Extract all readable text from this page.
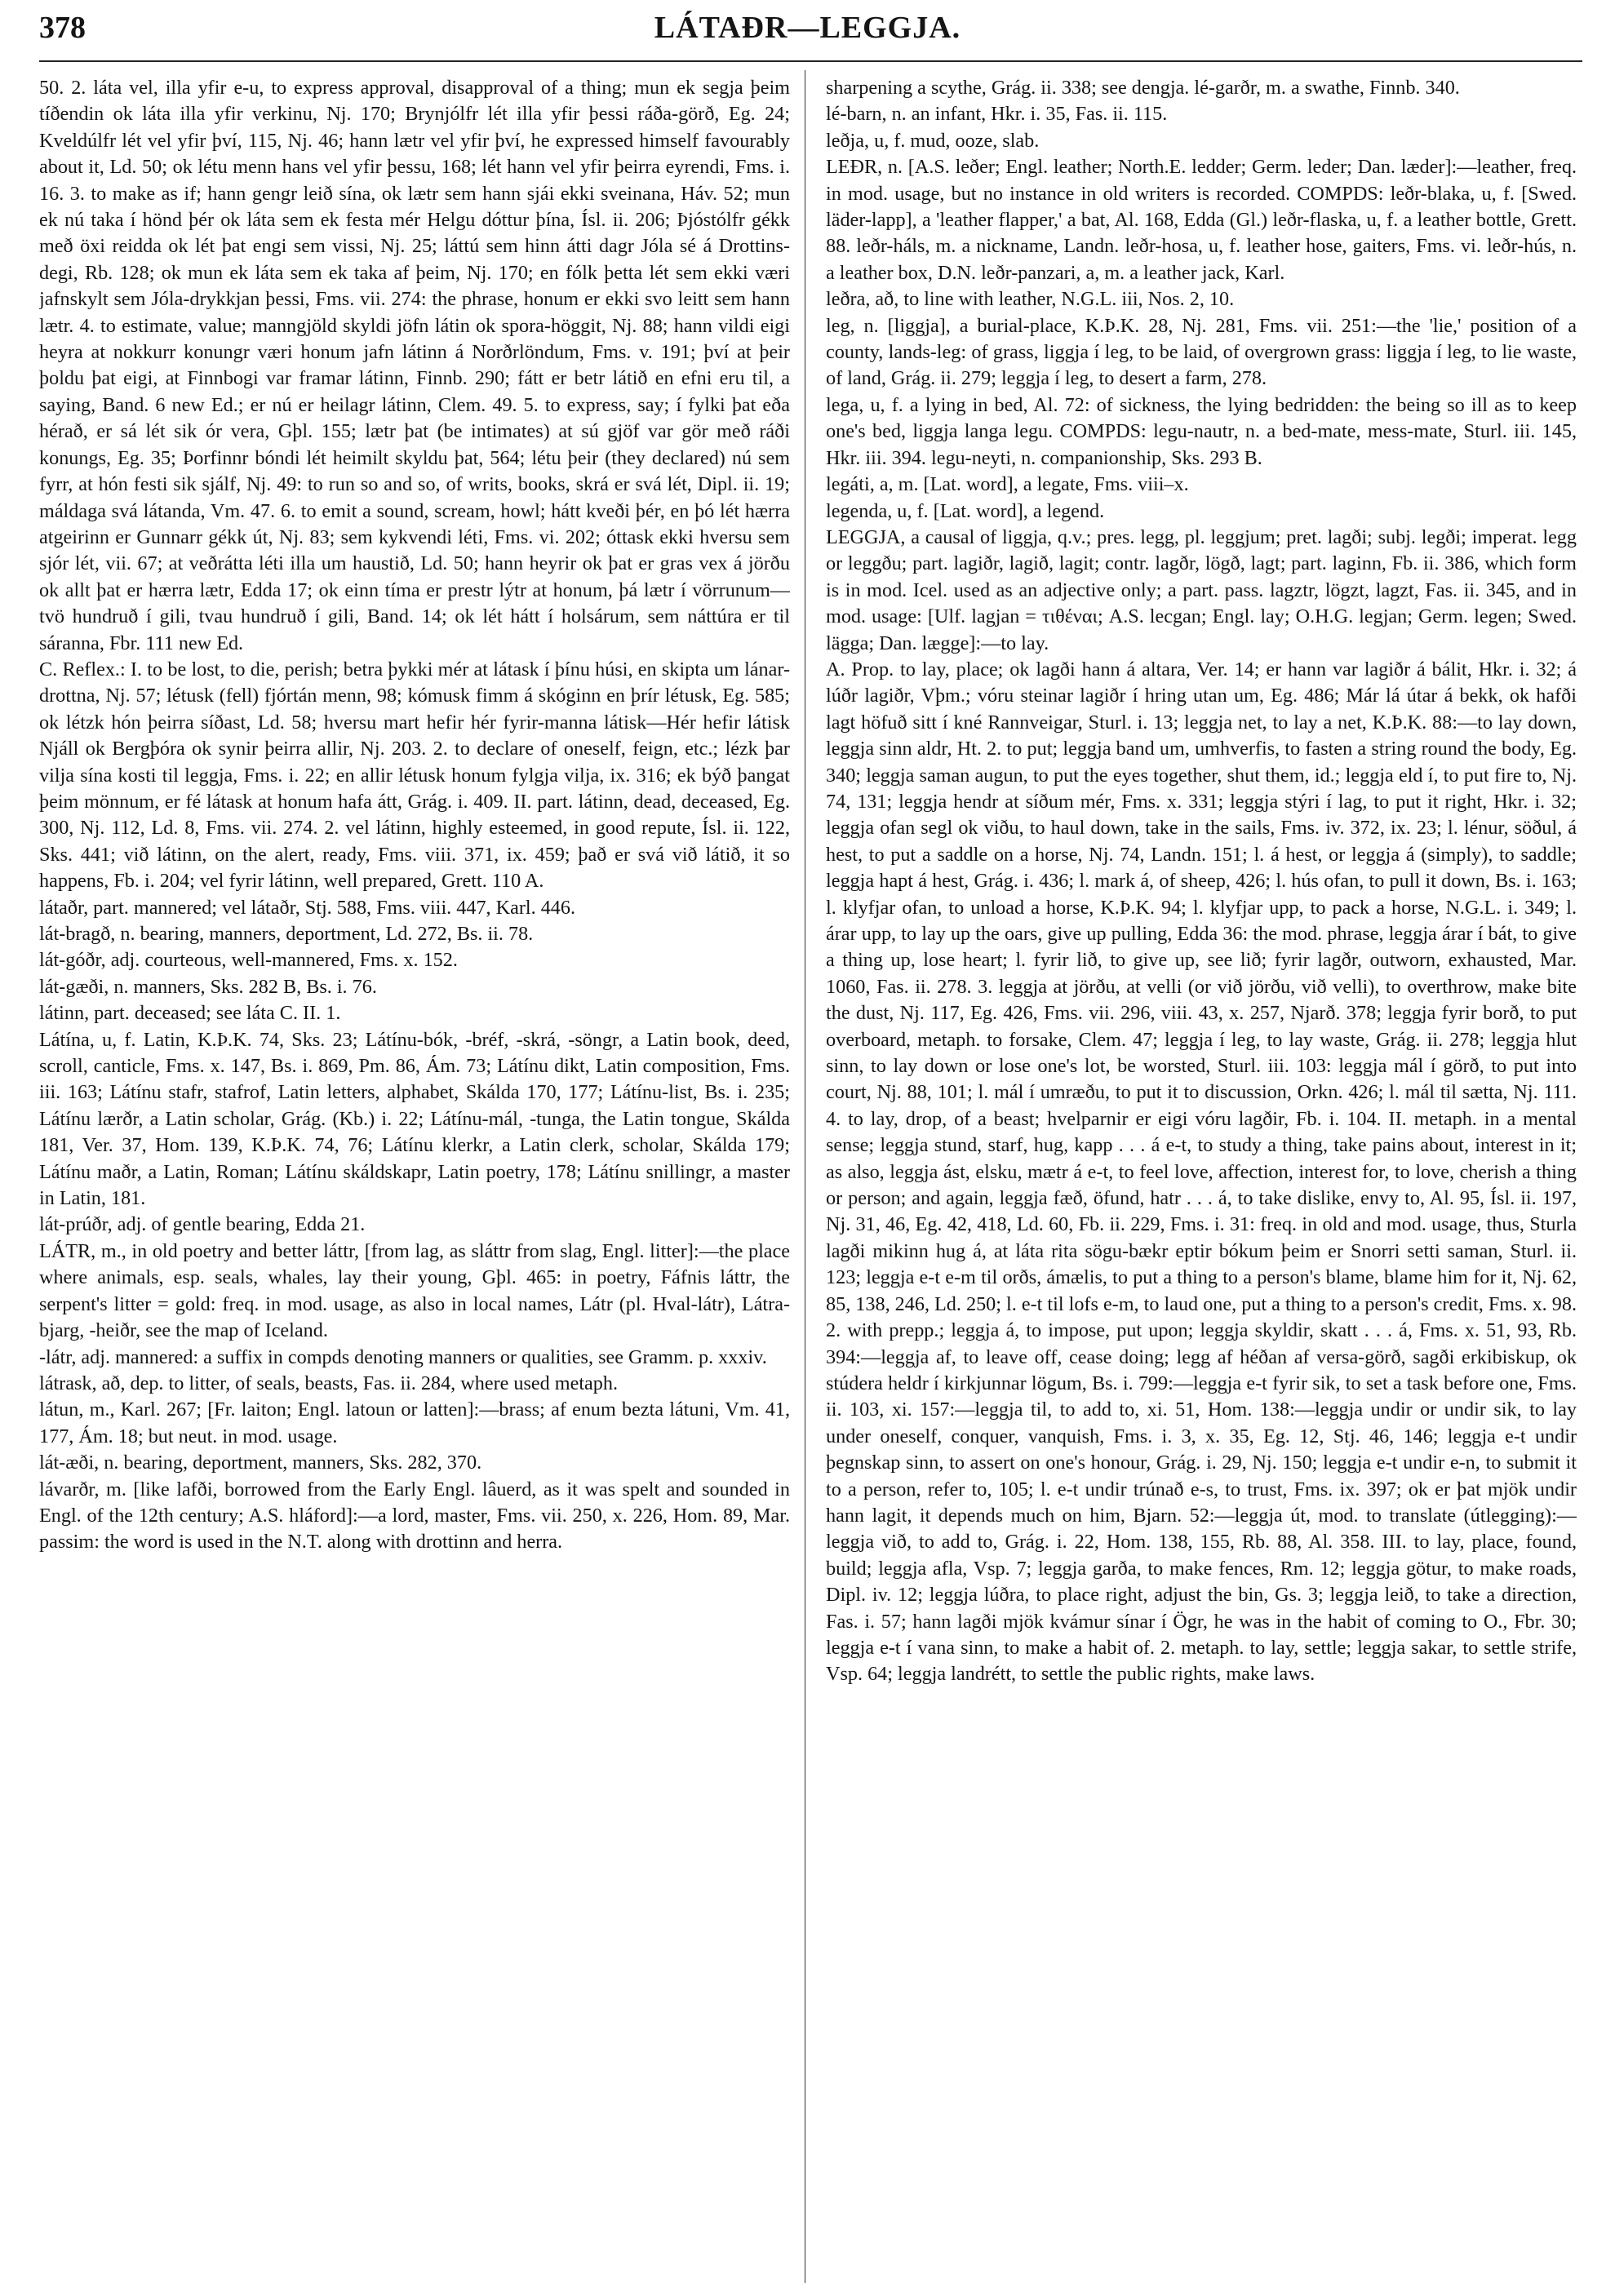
378	LÁTAÐR—LEGGJA.

50. 2. láta vel, illa yfir e-u, to express approval, disapproval of a thing; mun ek segja þeim tíðendin ok láta illa yfir verkinu, Nj. 170; Brynjólfr lét illa yfir þessi ráða-görð, Eg. 24; Kveldúlfr lét vel yfir því, 115, Nj. 46; hann lætr vel yfir því, he expressed himself favourably about it, Ld. 50; ok létu menn hans vel yfir þessu, 168; lét hann vel yfir þeirra eyrendi, Fms. i. 16. 3. to make as if; hann gengr leið sína, ok lætr sem hann sjái ekki sveinana, Háv. 52; mun ek nú taka í hönd þér ok láta sem ek festa mér Helgu dóttur þína, Ísl. ii. 206; Þjóstólfr gékk með öxi reidda ok lét þat engi sem vissi, Nj. 25; láttú sem hinn átti dagr Jóla sé á Drottins-degi, Rb. 128; ok mun ek láta sem ek taka af þeim, Nj. 170; en fólk þetta lét sem ekki væri jafnskylt sem Jóla-drykkjan þessi, Fms. vii. 274: the phrase, honum er ekki svo leitt sem hann lætr. 4. to estimate, value; manngjöld skyldi jöfn látin ok spora-höggit, Nj. 88; hann vildi eigi heyra at nokkurr konungr væri honum jafn látinn á Norðrlöndum, Fms. v. 191; því at þeir þoldu þat eigi, at Finnbogi var framar látinn, Finnb. 290; fátt er betr látið en efni eru til, a saying, Band. 6 new Ed.; er nú er heilagr látinn, Clem. 49. 5. to express, say; í fylki þat eða hérað, er sá lét sik ór vera, Gþl. 155; lætr þat (be intimates) at sú gjöf var gör með ráði konungs, Eg. 35; Þorfinnr bóndi lét heimilt skyldu þat, 564; létu þeir (they declared) nú sem fyrr, at hón festi sik sjálf, Nj. 49: to run so and so, of writs, books, skrá er svá lét, Dipl. ii. 19; máldaga svá látanda, Vm. 47. 6. to emit a sound, scream, howl; hátt kveði þér, en þó lét hærra atgeirinn er Gunnarr gékk út, Nj. 83; sem kykvendi léti, Fms. vi. 202; óttask ekki hversu sem sjór lét, vii. 67; at veðrátta léti illa um haustið, Ld. 50; hann heyrir ok þat er gras vex á jörðu ok allt þat er hærra lætr, Edda 17; ok einn tíma er prestr lýtr at honum, þá lætr í vörrunum—tvö hundruð í gili, tvau hundruð í gili, Band. 14; ok lét hátt í holsárum, sem náttúra er til sáranna, Fbr. 111 new Ed.

C. Reflex.: I. to be lost, to die, perish; betra þykki mér at látask í þínu húsi, en skipta um lánar-drottna, Nj. 57; létusk (fell) fjórtán menn, 98; kómusk fimm á skóginn en þrír létusk, Eg. 585; ok létzk hón þeirra síðast, Ld. 58; hversu mart hefir hér fyrir-manna látisk—Hér hefir látisk Njáll ok Bergþóra ok synir þeirra allir, Nj. 203. 2. to declare of oneself, feign, etc.; lézk þar vilja sína kosti til leggja, Fms. i. 22; en allir létusk honum fylgja vilja, ix. 316; ek býð þangat þeim mönnum, er fé látask at honum hafa átt, Grág. i. 409. II. part. látinn, dead, deceased, Eg. 300, Nj. 112, Ld. 8, Fms. vii. 274. 2. vel látinn, highly esteemed, in good repute, Ísl. ii. 122, Sks. 441; við látinn, on the alert, ready, Fms. viii. 371, ix. 459; það er svá við látið, it so happens, Fb. i. 204; vel fyrir látinn, well prepared, Grett. 110 A.

látaðr, part. mannered; vel látaðr, Stj. 588, Fms. viii. 447, Karl. 446.

lát-bragð, n. bearing, manners, deportment, Ld. 272, Bs. ii. 78.

lát-góðr, adj. courteous, well-mannered, Fms. x. 152.

lát-gæði, n. manners, Sks. 282 B, Bs. i. 76.

látinn, part. deceased; see láta C. II. 1.

Látína, u, f. Latin, K.Þ.K. 74, Sks. 23; Látínu-bók, -bréf, -skrá, -söngr, a Latin book, deed, scroll, canticle, Fms. x. 147, Bs. i. 869, Pm. 86, Ám. 73; Látínu dikt, Latin composition, Fms. iii. 163; Látínu stafr, stafrof, Latin letters, alphabet, Skálda 170, 177; Látínu-list, Bs. i. 235; Látínu lærðr, a Latin scholar, Grág. (Kb.) i. 22; Látínu-mál, -tunga, the Latin tongue, Skálda 181, Ver. 37, Hom. 139, K.Þ.K. 74, 76; Látínu klerkr, a Latin clerk, scholar, Skálda 179; Látínu maðr, a Latin, Roman; Látínu skáldskapr, Latin poetry, 178; Látínu snillingr, a master in Latin, 181.

lát-prúðr, adj. of gentle bearing, Edda 21.

LÁTR, m., in old poetry and better láttr, [from lag, as sláttr from slag, Engl. litter]:—the place where animals, esp. seals, whales, lay their young, Gþl. 465: in poetry, Fáfnis láttr, the serpent's litter = gold: freq. in mod. usage, as also in local names, Látr (pl. Hval-látr), Látra-bjarg, -heiðr, see the map of Iceland.

-látr, adj. mannered: a suffix in compds denoting manners or qualities, see Gramm. p. xxxiv.

látrask, að, dep. to litter, of seals, beasts, Fas. ii. 284, where used metaph.

látun, m., Karl. 267; [Fr. laiton; Engl. latoun or latten]:—brass; af enum bezta látuni, Vm. 41, 177, Ám. 18; but neut. in mod. usage.

lát-æði, n. bearing, deportment, manners, Sks. 282, 370.

lávarðr, m. [like lafði, borrowed from the Early Engl. lâuerd, as it was spelt and sounded in Engl. of the 12th century; A.S. hláford]:—a lord, master, Fms. vii. 250, x. 226, Hom. 89, Mar. passim: the word is used in the N.T. along with drottinn and herra.

sharpening a scythe, Grág. ii. 338; see dengja. lé-garðr, m. a swathe, Finnb. 340.

lé-barn, n. an infant, Hkr. i. 35, Fas. ii. 115.

leðja, u, f. mud, ooze, slab.

LEÐR, n. [A.S. leðer; Engl. leather; North.E. ledder; Germ. leder; Dan. læder]:—leather, freq. in mod. usage, but no instance in old writers is recorded. COMPDS: leðr-blaka, u, f. [Swed. läder-lapp], a 'leather flapper,' a bat, Al. 168, Edda (Gl.) leðr-flaska, u, f. a leather bottle, Grett. 88. leðr-háls, m. a nickname, Landn. leðr-hosa, u, f. leather hose, gaiters, Fms. vi. leðr-hús, n. a leather box, D.N. leðr-panzari, a, m. a leather jack, Karl.

leðra, að, to line with leather, N.G.L. iii, Nos. 2, 10.

leg, n. [liggja], a burial-place, K.Þ.K. 28, Nj. 281, Fms. vii. 251:—the 'lie,' position of a county, lands-leg: of grass, liggja í leg, to be laid, of overgrown grass: liggja í leg, to lie waste, of land, Grág. ii. 279; leggja í leg, to desert a farm, 278.

lega, u, f. a lying in bed, Al. 72: of sickness, the lying bedridden: the being so ill as to keep one's bed, liggja langa legu. COMPDS: legu-nautr, n. a bed-mate, mess-mate, Sturl. iii. 145, Hkr. iii. 394. legu-neyti, n. companionship, Sks. 293 B.

legáti, a, m. [Lat. word], a legate, Fms. viii–x.

legenda, u, f. [Lat. word], a legend.

LEGGJA, a causal of liggja, q.v.; pres. legg, pl. leggjum; pret. lagði; subj. legði; imperat. legg or leggðu; part. lagiðr, lagið, lagit; contr. lagðr, lögð, lagt; part. laginn, Fb. ii. 386, which form is in mod. Icel. used as an adjective only; a part. pass. lagztr, lögzt, lagzt, Fas. ii. 345, and in mod. usage: [Ulf. lagjan = τιθέναι; A.S. lecgan; Engl. lay; O.H.G. legjan; Germ. legen; Swed. lägga; Dan. lægge]:—to lay.

A. Prop. to lay, place; ok lagði hann á altara, Ver. 14; er hann var lagiðr á bálit, Hkr. i. 32; á lúðr lagiðr, Vþm.; vóru steinar lagiðr í hring utan um, Eg. 486; Már lá útar á bekk, ok hafði lagt höfuð sitt í kné Rannveigar, Sturl. i. 13; leggja net, to lay a net, K.Þ.K. 88:—to lay down, leggja sinn aldr, Ht. 2. to put; leggja band um, umhverfis, to fasten a string round the body, Eg. 340; leggja saman augun, to put the eyes together, shut them, id.; leggja eld í, to put fire to, Nj. 74, 131; leggja hendr at síðum mér, Fms. x. 331; leggja stýri í lag, to put it right, Hkr. i. 32; leggja ofan segl ok viðu, to haul down, take in the sails, Fms. iv. 372, ix. 23; l. lénur, söðul, á hest, to put a saddle on a horse, Nj. 74, Landn. 151; l. á hest, or leggja á (simply), to saddle; leggja hapt á hest, Grág. i. 436; l. mark á, of sheep, 426; l. hús ofan, to pull it down, Bs. i. 163; l. klyfjar ofan, to unload a horse, K.Þ.K. 94; l. klyfjar upp, to pack a horse, N.G.L. i. 349; l. árar upp, to lay up the oars, give up pulling, Edda 36: the mod. phrase, leggja árar í bát, to give a thing up, lose heart; l. fyrir lið, to give up, see lið; fyrir lagðr, outworn, exhausted, Mar. 1060, Fas. ii. 278. 3. leggja at jörðu, at velli (or við jörðu, við velli), to overthrow, make bite the dust, Nj. 117, Eg. 426, Fms. vii. 296, viii. 43, x. 257, Njarð. 378; leggja fyrir borð, to put overboard, metaph. to forsake, Clem. 47; leggja í leg, to lay waste, Grág. ii. 278; leggja hlut sinn, to lay down or lose one's lot, be worsted, Sturl. iii. 103: leggja mál í görð, to put into court, Nj. 88, 101; l. mál í umræðu, to put it to discussion, Orkn. 426; l. mál til sætta, Nj. 111. 4. to lay, drop, of a beast; hvelparnir er eigi vóru lagðir, Fb. i. 104. II. metaph. in a mental sense; leggja stund, starf, hug, kapp . . . á e-t, to study a thing, take pains about, interest in it; as also, leggja ást, elsku, mætr á e-t, to feel love, affection, interest for, to love, cherish a thing or person; and again, leggja fæð, öfund, hatr . . . á, to take dislike, envy to, Al. 95, Ísl. ii. 197, Nj. 31, 46, Eg. 42, 418, Ld. 60, Fb. ii. 229, Fms. i. 31: freq. in old and mod. usage, thus, Sturla lagði mikinn hug á, at láta rita sögu-bækr eptir bókum þeim er Snorri setti saman, Sturl. ii. 123; leggja e-t e-m til orðs, ámælis, to put a thing to a person's blame, blame him for it, Nj. 62, 85, 138, 246, Ld. 250; l. e-t til lofs e-m, to laud one, put a thing to a person's credit, Fms. x. 98. 2. with prepp.; leggja á, to impose, put upon; leggja skyldir, skatt . . . á, Fms. x. 51, 93, Rb. 394:—leggja af, to leave off, cease doing; legg af héðan af versa-görð, sagði erkibiskup, ok stúdera heldr í kirkjunnar lögum, Bs. i. 799:—leggja e-t fyrir sik, to set a task before one, Fms. ii. 103, xi. 157:—leggja til, to add to, xi. 51, Hom. 138:—leggja undir or undir sik, to lay under oneself, conquer, vanquish, Fms. i. 3, x. 35, Eg. 12, Stj. 46, 146; leggja e-t undir þegnskap sinn, to assert on one's honour, Grág. i. 29, Nj. 150; leggja e-t undir e-n, to submit it to a person, refer to, 105; l. e-t undir trúnað e-s, to trust, Fms. ix. 397; ok er þat mjök undir hann lagit, it depends much on him, Bjarn. 52:—leggja út, mod. to translate (útlegging):—leggja við, to add to, Grág. i. 22, Hom. 138, 155, Rb. 88, Al. 358. III. to lay, place, found, build; leggja afla, Vsp. 7; leggja garða, to make fences, Rm. 12; leggja götur, to make roads, Dipl. iv. 12; leggja lúðra, to place right, adjust the bin, Gs. 3; leggja leið, to take a direction, Fas. i. 57; hann lagði mjök kvámur sínar í Ögr, he was in the habit of coming to O., Fbr. 30; leggja e-t í vana sinn, to make a habit of. 2. metaph. to lay, settle; leggja sakar, to settle strife, Vsp. 64; leggja landrétt, to settle the public rights, make laws.
